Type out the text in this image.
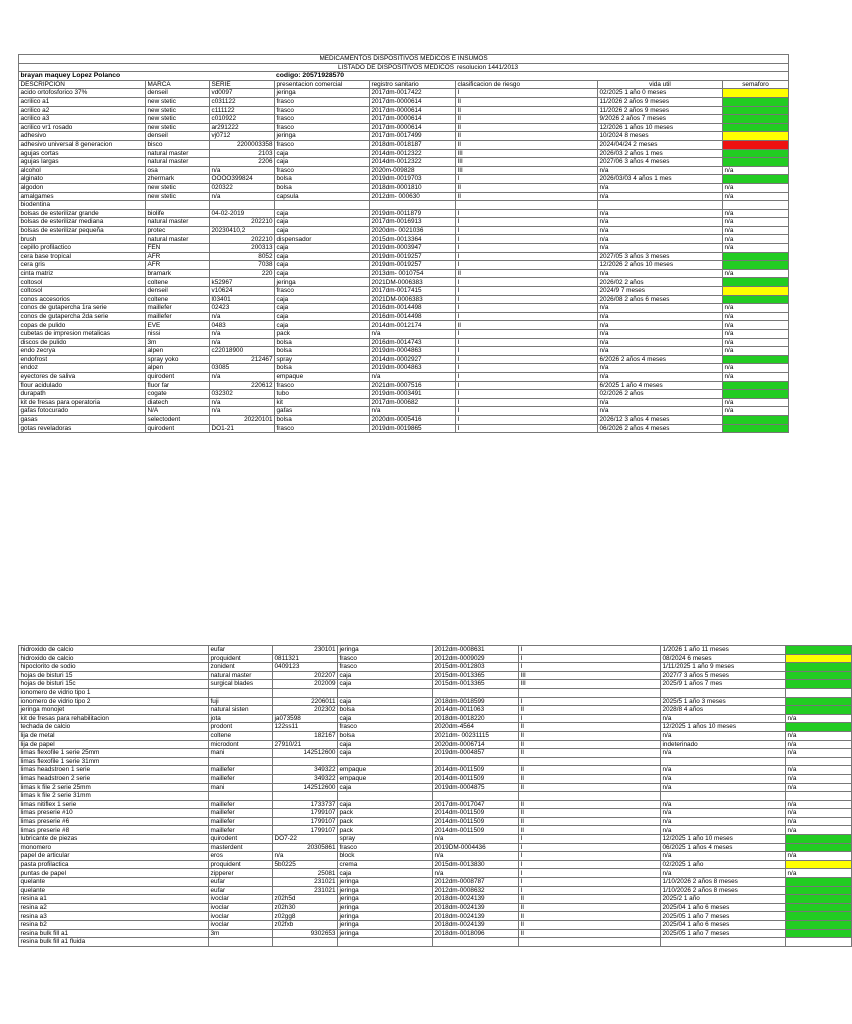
MEDICAMENTOS DISPOSITIVOS MEDICOS E INSUMOS							
LISTADO DE DISPOSITIVOS MEDICOS					resolucion 1441/2013		
brayan maquey Lopez Polanco			codigo: 20571928570				
DESCRIPCION	MARCA	SERIE	presentacion comercial	registro sanitario	clasificacion de riesgo	vida util	semaforo
acido ortofosforico 37%	denseil	vd0097	jeringa	2017dm-0017422	I	02/2025 1 año 0 meses	
acrilico a1	new stetic	c031122	frasco	2017dm-0000614	II	11/2026 2 años 9 meses	
acrilico a2	new stetic	c111122	frasco	2017dm-0000614	II	11/2026 2 años 9 meses	
acrilico a3	new stetic	c010922	frasco	2017dm-0000614	II	9/2026 2 años 7 meses	
acrilico vr1 rosado	new stetic	ar291222	frasco	2017dm-0000614	II	12/2026 1 años 10 meses	
adhesivo	denseil	vj0712	jeringa	2017dm-0017499	II	10/2024 8 meses	
adhesivo universal 8 generacion	bisco	2200003358	frasco	2018dm-0018187	II	2024/04/24 2 meses	
agujas cortas	natural master	2103	caja	2014dm-0012322	III	2026/03 2 años 1 mes	
agujas largas	natural master	2206	caja	2014dm-0012322	III	2027/06 3 años 4 meses	
alcohol	osa	n/a	frasco	2020m-009828	III	n/a	n/a
alginato	zhermark	OOOO399824	bolsa	2019dm-0019703	I	2026/03/03 4 años 1 mes	
algodon	new stetic	020322	bolsa	2018dm-0001810	II	n/a	n/a
amalgames	new stetic	n/a	capsula	2012dm- 000630	II	n/a	n/a
biodentina							
bolsas de esterilizar grande	biolife	04-02-2019	caja	2019dm-0011879	I	n/a	n/a
bolsas de esterilizar mediana	natural master	202210	caja	2017dm-0016913	I	n/a	n/a
bolsas de esterilizar pequeña	protec	20230410,2	caja	2020dm- 0021036	I	n/a	n/a
brush	natural master	202210	dispensador	2015dm-0013364	I	n/a	n/a
cepillo profilactico	FEN	200313	caja	2019dm-0003947	I	n/a	n/a
cera base tropical	AFR	8052	caja	2019dm-0019257	I	2027/05 3 años 3 meses	
cera gris	AFR	7038	caja	2019dm-0019257	I	12/2026 2 años 10 meses	
cinta matriz	bramark	220	caja	2013dm- 0010754	II	n/a	n/a
coltosol	coltene	k52967	jeringa	2021DM-0006383	I	2026/02 2 años	
coltosol	denseil	v10624	frasco	2017dm-0017415	I	2024/9 7 meses	
conos accesorios	coltene	l03401	caja	2021DM-0006383	I	2026/08 2 años 6 meses	
conos de gutapercha 1ra serie	maillefer	02423	caja	2016dm-0014498	I	n/a	n/a
conos de gutapercha 2da serie	maillefer	n/a	caja	2016dm-0014498	I	n/a	n/a
copas de pulido	EVE	0483	caja	2014dm-0012174	II	n/a	n/a
cubetas de impresion metalicas	nissi	n/a	pack	n/a	I	n/a	n/a
discos de pulido	3m	n/a	bolsa	2016dm-0014743	I	n/a	n/a
endo zecrya	alpen	c22018900	bolsa	2019dm-0004863	I	n/a	n/a
endofrost	spray yoko	212467	spray	2014dm-0002927	I	6/2026 2 años 4 meses	
endoz	alpen	03085	bolsa	2019dm-0004863	I	n/a	n/a
eyectores de saliva	quirodent	n/a	empaque	n/a	I	n/a	n/a
flour acidulado	fluor far	220612	frasco	2021dm-0007516	I	6/2025 1 año 4 meses	
durapath	cogate	032302	tubo	2019dm-0003491	I	02/2026 2 años	
kit de fresas para operatoria	diatech	n/a	kit	2017dm-000682	I	n/a	n/a
gafas fotocurado	N/A	n/a	gafas	n/a	I	n/a	n/a
gasas	selectodent	20220101	bolsa	2020dm-0005416	I	2026/12 3 años 4 meses	
gotas reveladoras	quirodent	DO1-21	frasco	2019dm-0019865	I	06/2026 2 años 4 meses	
hidroxido de calcio	eufar	230101	jeringa	2012dm-0008631	I	1/2026 1 año 11 meses	
hidroxido de calcio	proquident	0811321	frasco	2012dm-0009029	I	08/2024 6 meses	
hipoclorito de sodio	zonident	0409123	frasco	2015dm-0012803	I	1/11/2025 1 año 9 meses	
hojas de bisturi 15	natural master	202207	caja	2015dm-0013365	III	2027/7 3 años 5 meses	
hojas de bisturi 15c	surgical blades	202009	caja	2015dm-0013365	III	2025/9 1 años 7 mes	
ionomero de vidrio tipo 1							
ionomero de vidrio tipo 2	fuji	2206011	caja	2018dm-0018599	I	2025/5 1 año 3 meses	
jeringa monojet	natural sisten	202302	bolsa	2014dm-0011063	II	2028/8 4 años	
kit de fresas para rehabilitacion	jota	ja073598	caja	2018dm-0018220	I	n/a	n/a
techada de calcio	prodont	122ss11	frasco	2020dm-4564	II	12/2025 1 años 10 meses	
lija de metal	coltene	182167	bolsa	2021dm- 00231115	II	n/a	n/a
lija de papel	microdont	27910/21	caja	2020dm-0006714	II	indeterinado	n/a
limas flexofile 1 serie 25mm	mani	142512600	caja	2019dm-0004857	II	n/a	n/a
limas flexofile 1 serie 31mm							
limas headstroen 1 serie	maillefer	349322	empaque	2014dm-0011509	II	n/a	n/a
limas headstroen 2 serie	maillefer	349322	empaque	2014dm-0011509	II	n/a	n/a
limas k file 2 serie 25mm	mani	142512600	caja	2019dm-0004875	II	n/a	n/a
limas k file 2 serie 31mm							
limas nitiflex 1 serie	maillefer	1733737	caja	2017dm-0017047	II	n/a	n/a
limas preserie #10	maillefer	1799107	pack	2014dm-0011509	II	n/a	n/a
limas preserie #6	maillefer	1799107	pack	2014dm-0011509	II	n/a	n/a
limas preserie #8	maillefer	1799107	pack	2014dm-0011509	II	n/a	n/a
lubricante de piezas	quirodent	DO7-22	spray	n/a	I	12/2025 1 año 10 meses	
monomero	masterdent	20305861	frasco	2019DM-0004436	I	06/2025 1 años 4 meses	
papel de articular	eros	n/a	block	n/a	I	n/a	n/a
pasta profilactica	proquident	5b0225	crema	2015dm-0013830	I	02/2025 1 año	
puntas de papel	zipperer	25081	caja	n/a	I	n/a	n/a
quelante	eufar	231021	jeringa	2012dm-0008787	I	1/10/2026 2 años 8 meses	
quelante	eufar	231021	jeringa	2012dm-0008632	I	1/10/2026 2 años 8 meses	
resina a1	ivoclar	z02h5d	jeringa	2018dm-0024139	II	2025/2 1 año	
resina a2	ivoclar	z02h30	jeringa	2018dm-0024139	II	2025/04 1 año 6 meses	
resina a3	ivoclar	z02gg8	jeringa	2018dm-0024139	II	2025/05 1 año 7 meses	
resina b2	ivoclar	z02fxb	jeringa	2018dm-0024139	II	2025/04 1 año 6 meses	
resina bulk fill a1	3m	9302653	jeringa	2018dm-0018096	II	2025/05 1 año 7 meses	
resina bulk fill a1 fluida							
